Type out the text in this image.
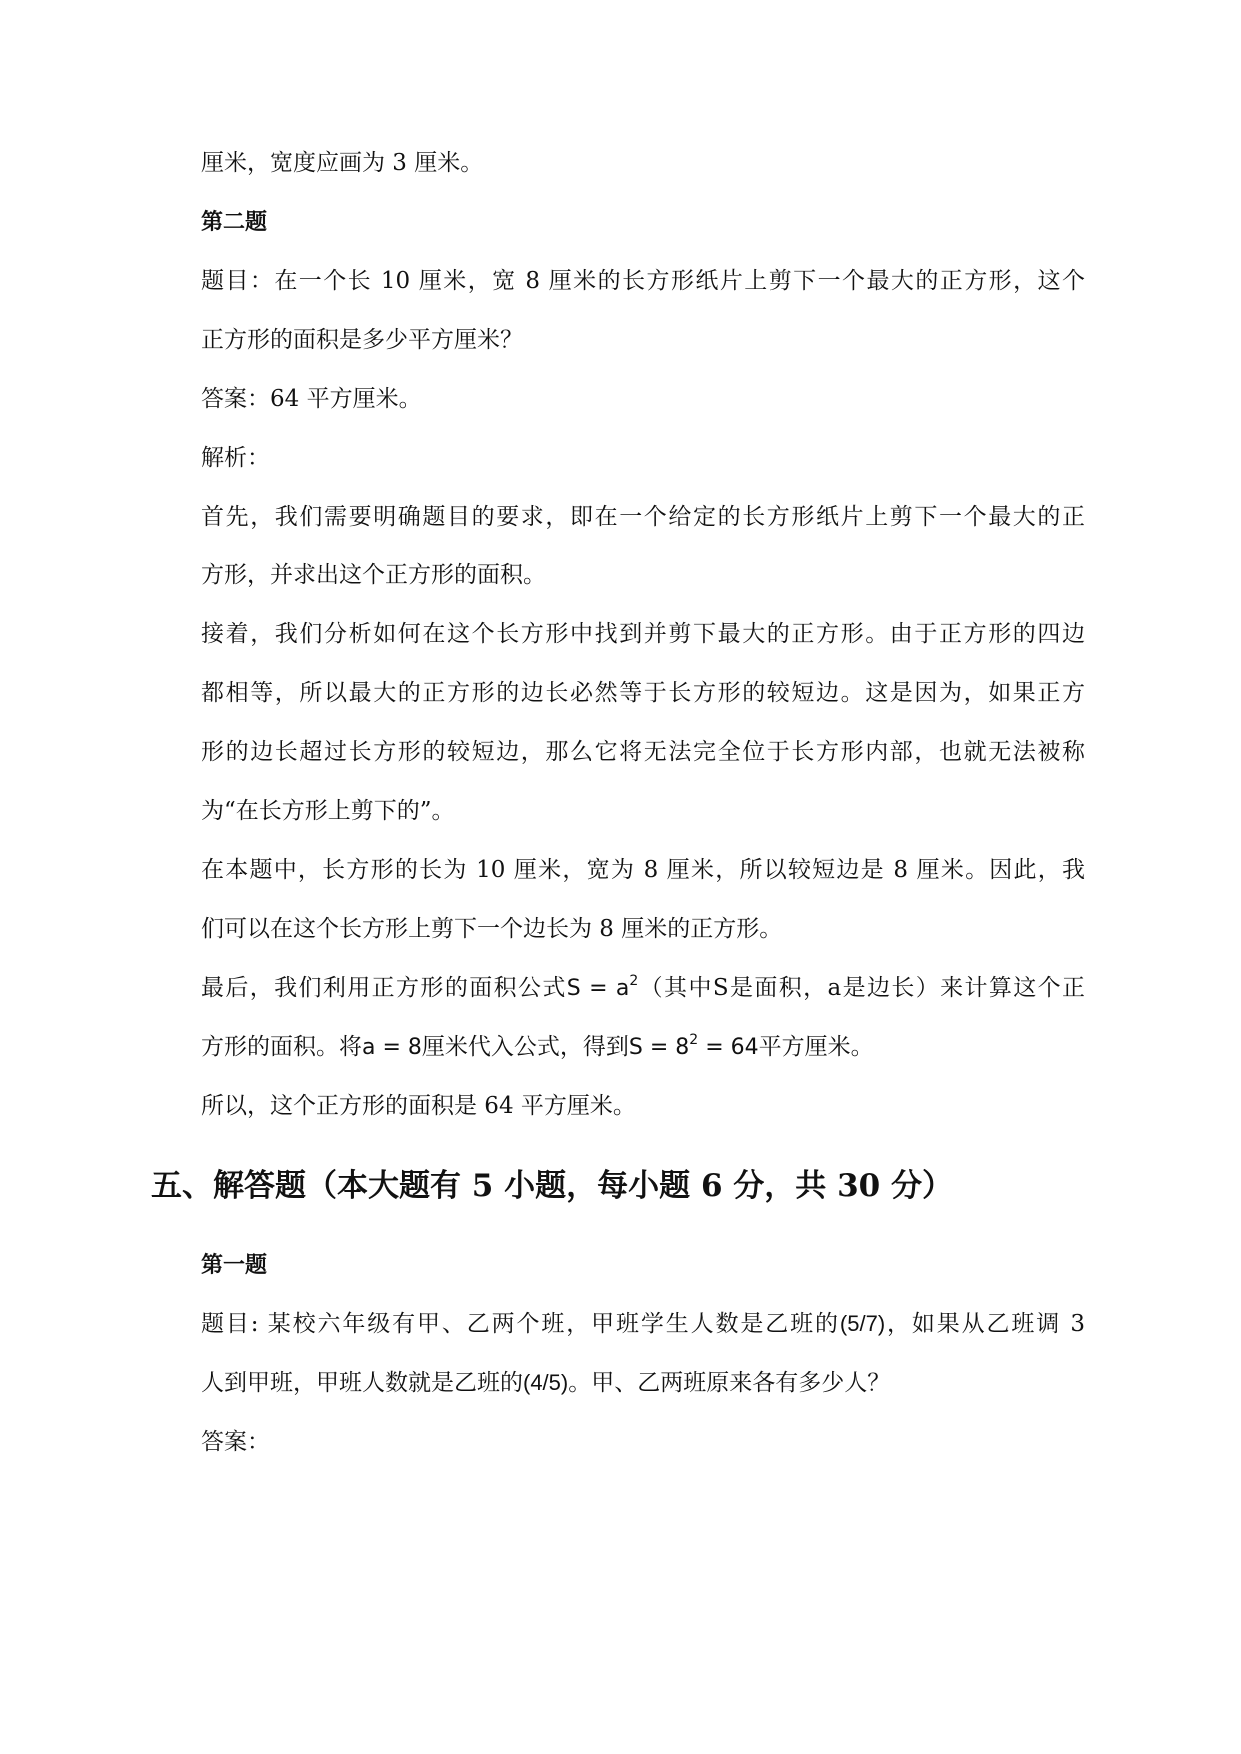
厘米，宽度应画为 3 厘米。
第二题
题目：在一个长 10 厘米，宽 8 厘米的长方形纸片上剪下一个最大的正方形，这个
正方形的面积是多少平方厘米？
答案：64 平方厘米。
解析：
首先，我们需要明确题目的要求，即在一个给定的长方形纸片上剪下一个最大的正
方形，并求出这个正方形的面积。
接着，我们分析如何在这个长方形中找到并剪下最大的正方形。由于正方形的四边
都相等，所以最大的正方形的边长必然等于长方形的较短边。这是因为，如果正方
形的边长超过长方形的较短边，那么它将无法完全位于长方形内部，也就无法被称
为“在长方形上剪下的”。
在本题中，长方形的长为 10 厘米，宽为 8 厘米，所以较短边是 8 厘米。因此，我
们可以在这个长方形上剪下一个边长为 8 厘米的正方形。
最后，我们利用正方形的面积公式$S = a^2$（其中S是面积，a是边长）来计算这个正
方形的面积。将a = 8厘米代入公式，得到$S = 8^2 = 64$平方厘米。
所以，这个正方形的面积是 64 平方厘米。
五、解答题（本大题有 5 小题，每小题 6 分，共 30 分）
第一题
题目: 某校六年级有甲、乙两个班，甲班学生人数是乙班的(5/7)，如果从乙班调 3
人到甲班，甲班人数就是乙班的(4/5)。甲、乙两班原来各有多少人？
答案：
